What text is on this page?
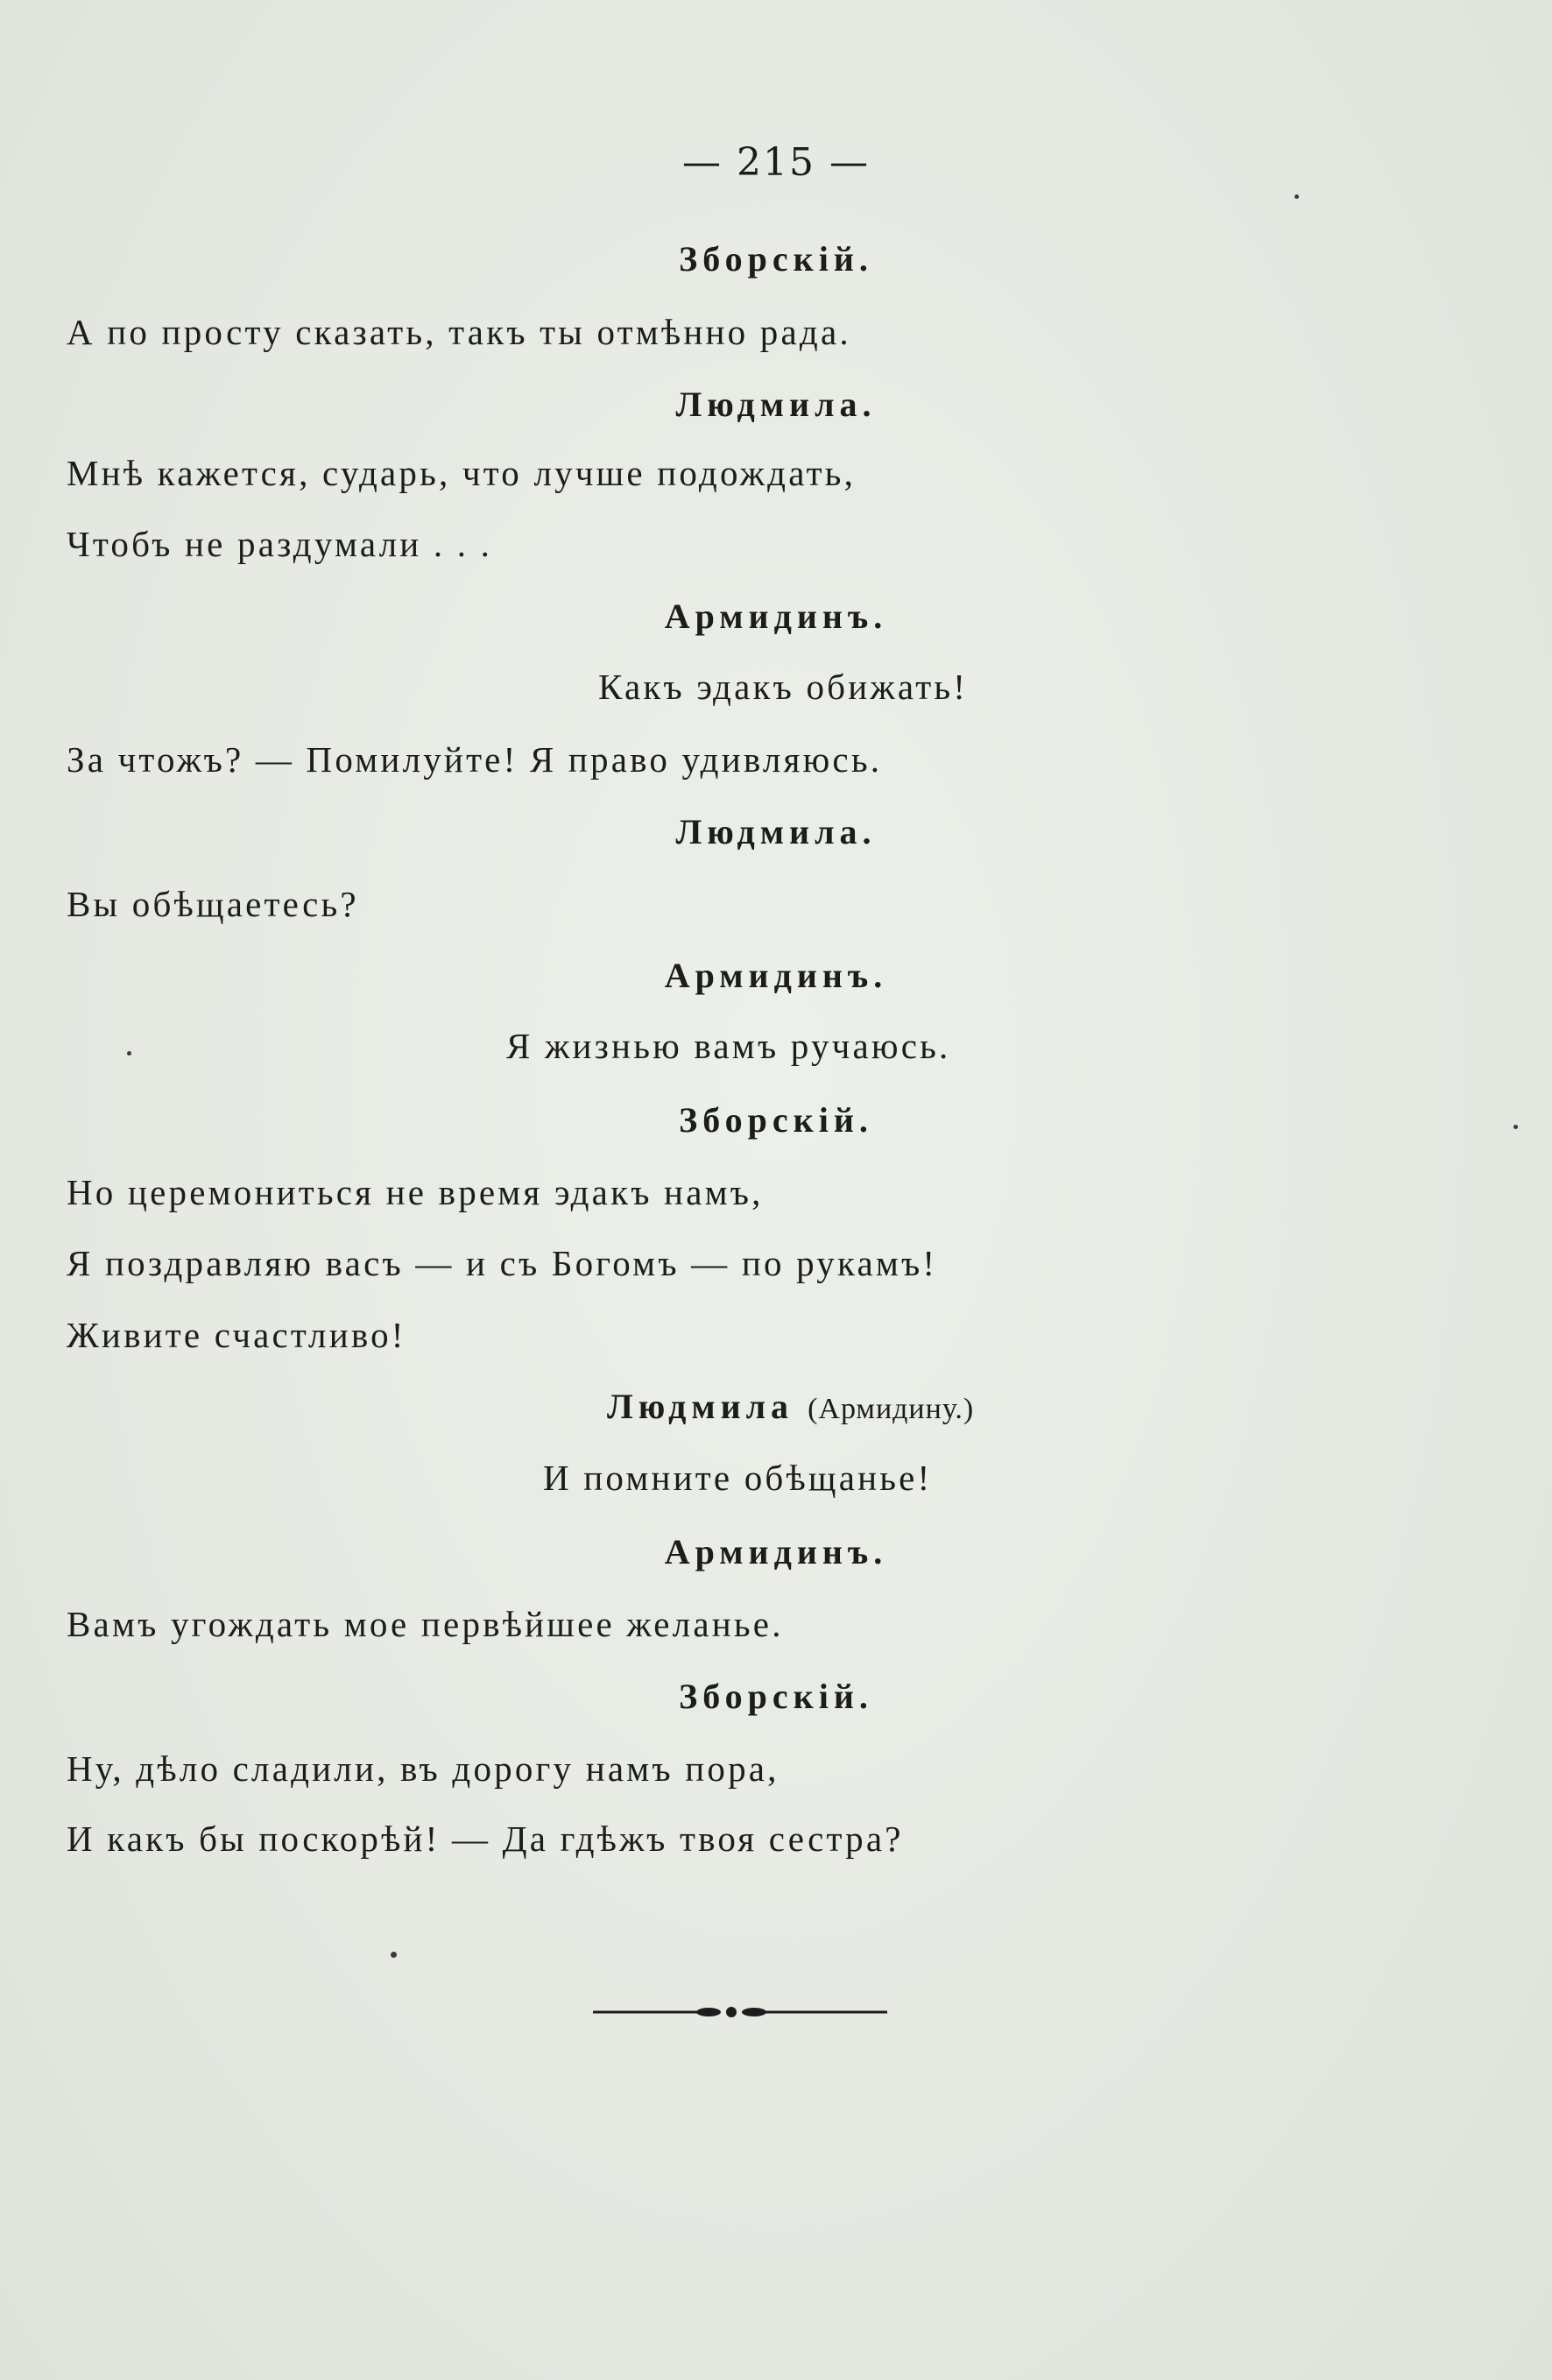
— 215 —
Зборскій.
А по просту сказать, такъ ты отмѣнно рада.
Людмила.
Мнѣ кажется, сударь, что лучше подождать,
Чтобъ не раздумали . . .
Армидинъ.
Какъ эдакъ обижать!
За чтожъ? — Помилуйте! Я право удивляюсь.
Людмила.
Вы обѣщаетесь?
Армидинъ.
Я жизнью вамъ ручаюсь.
Зборскій.
Но церемониться не время эдакъ намъ,
Я поздравляю васъ — и съ Богомъ — по рукамъ!
Живите счастливо!
Людмила (Армидину.)
И помните обѣщанье!
Армидинъ.
Вамъ угождать мое первѣйшее желанье.
Зборскій.
Ну, дѣло сладили, въ дорогу намъ пора,
И какъ бы поскорѣй! — Да гдѣжъ твоя сестра?
